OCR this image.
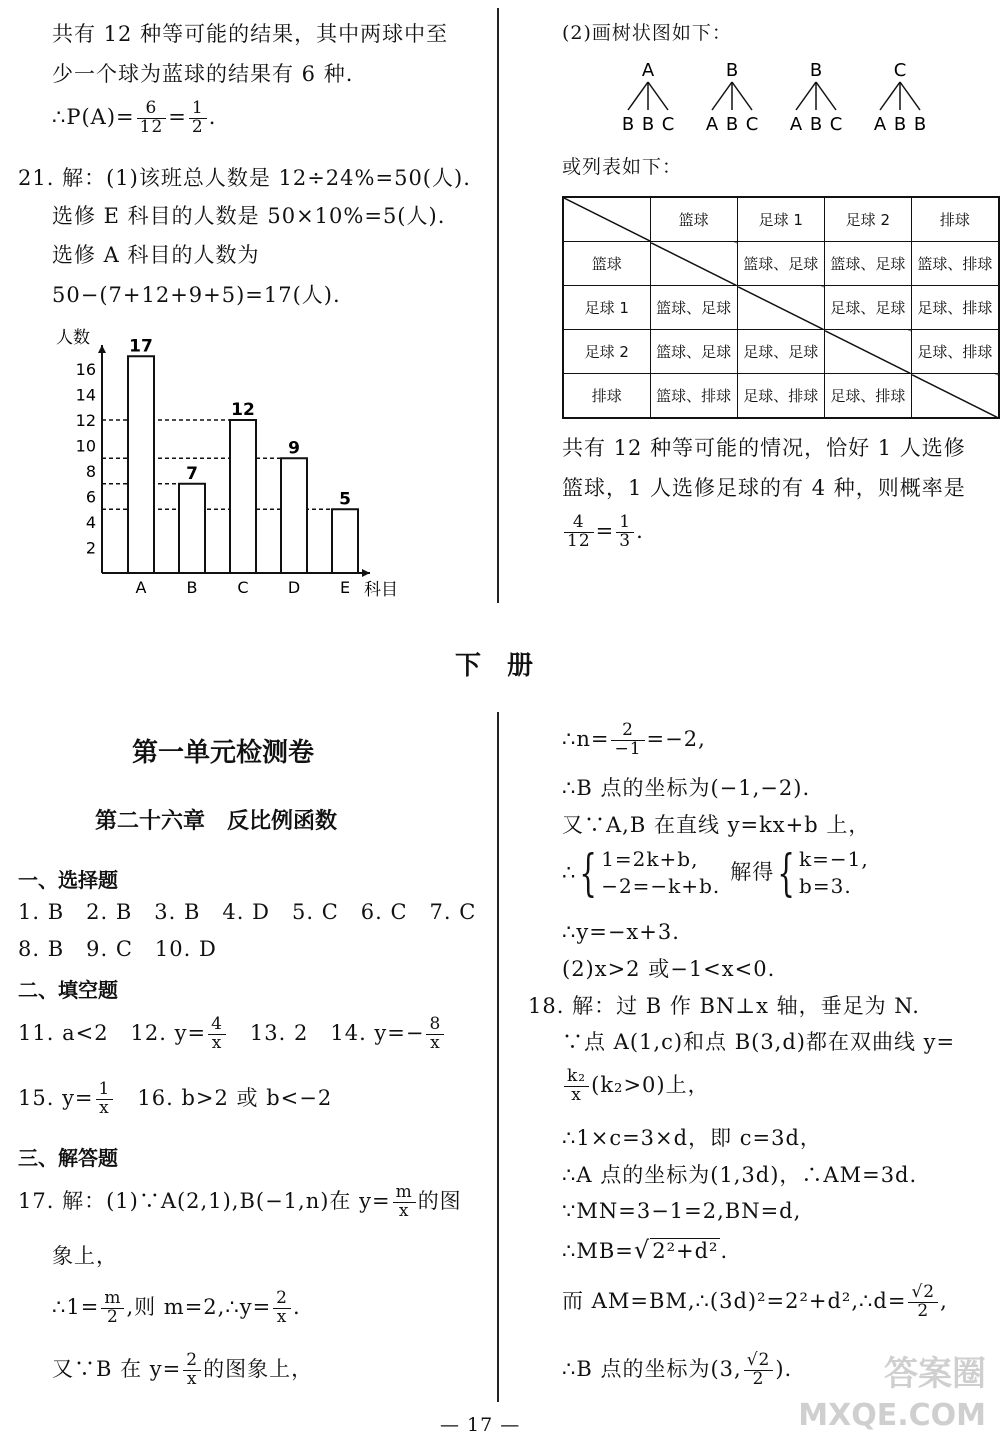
共有 12 种等可能的结果，其中两球中至
少一个球为蓝球的结果有 6 种.
∴P(A)= $\frac{6}{12} = \frac{1}{2}$ .
21. 解：(1)该班总人数是 12÷24%=50(人).
选修 E 科目的人数是 50×10%=5(人).
选修 A 科目的人数为
50−(7+12+9+5)=17(人).
人数
科目
2
4
6
8
10
12
14
16
17
A
7
B
12
C
9
D
5
E
(2)画树状图如下：
A
B B C
B
A B C
B
A B C
C
A B B
或列表如下：
	篮球	足球 1	足球 2	排球
篮球		篮球、足球	篮球、足球	篮球、排球
足球 1	篮球、足球		足球、足球	足球、排球
足球 2	篮球、足球	足球、足球		足球、排球
排球	篮球、排球	足球、排球	足球、排球	
共有 12 种等可能的情况，恰好 1 人选修
篮球，1 人选修足球的有 4 种，则概率是
$\frac{4}{12} = \frac{1}{3}$ .
下　册
第一单元检测卷
第二十六章　反比例函数
一、选择题
1. B　2. B　3. B　4. D　5. C　6. C　7. C
8. B　9. C　10. D
二、填空题
11. a<2　12. $y= \frac{4}{x}$ 　13. 2　14. $y=- \frac{8}{x}$
15. $y= \frac{1}{x}$ 　16. b>2 或 b<−2
三、解答题
17. 解：(1)∵A(2,1),B(−1,n)在 $y= \frac{m}{x}$ 的图
象上，
∴1= $\frac{m}{2}$ ,则 m=2,∴y= $\frac{2}{x}$ .
又∵B 在 $y= \frac{2}{x}$ 的图象上，
∴n= $\frac{2}{-1} =-2$,
∴B 点的坐标为(−1,−2).
又∵A,B 在直线 y=kx+b 上，
∴{ 1=2k+b,
−2=−k+b.
解得{ k=−1,
b=3.
∴y=−x+3.
(2)x>2 或−1<x<0.
18. 解：过 B 作 BN⊥x 轴，垂足为 N.
∵点 A(1,c)和点 B(3,d)都在双曲线 y=
$\frac{\text{k₂}}{x} (k_2>0)$上，
∴1×c=3×d，即 c=3d，
∴A 点的坐标为(1,3d)，∴AM=3d.
∵MN=3−1=2,BN=d,
∴MB=√2²+d².
而 AM=BM,∴(3d)²=2²+d²,∴d= $\frac{√2}{2}$ ,
∴B 点的坐标为(3, $\frac{√2}{2}$ ).
— 17 —
答案圈
MXQE.COM
